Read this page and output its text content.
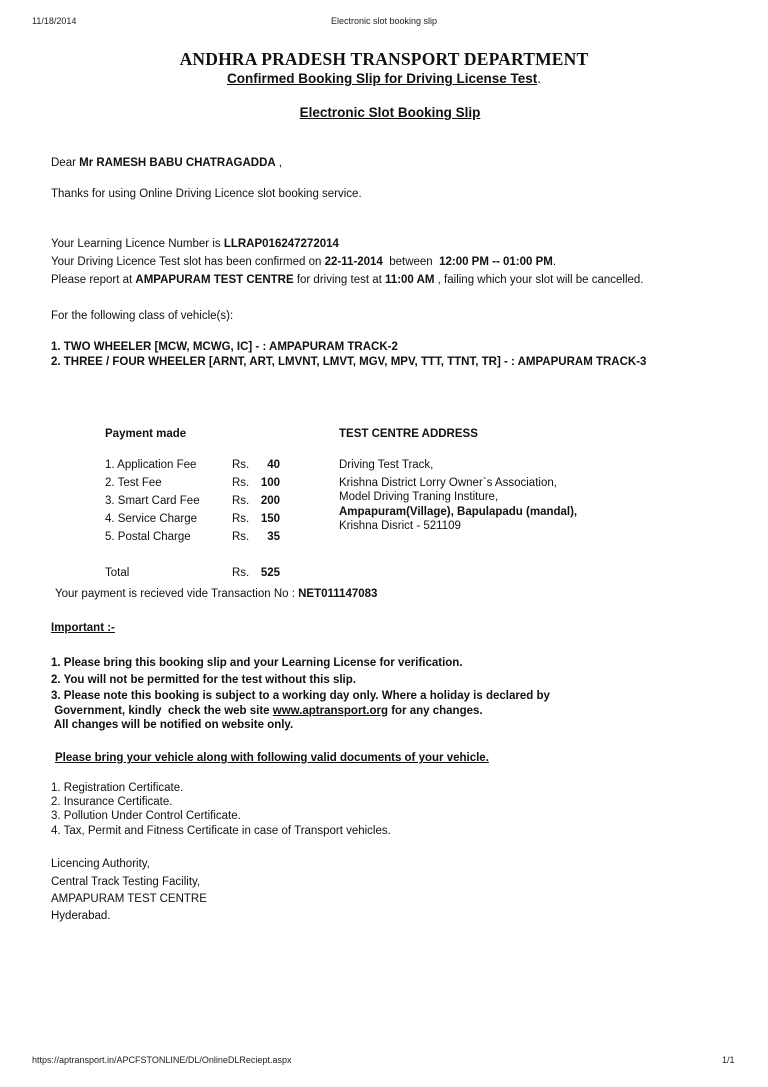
11/18/2014	Electronic slot booking slip
ANDHRA PRADESH TRANSPORT DEPARTMENT
Confirmed Booking Slip for Driving License Test.
Electronic Slot Booking Slip
Dear Mr RAMESH BABU CHATRAGADDA ,
Thanks for using Online Driving Licence slot booking service.
Your Learning Licence Number is LLRAP016247272014
Your Driving Licence Test slot has been confirmed on 22-11-2014  between  12:00 PM -- 01:00 PM.
Please report at AMPAPURAM TEST CENTRE for driving test at 11:00 AM , failing which your slot will be cancelled.
For the following class of vehicle(s):
1. TWO WHEELER [MCW, MCWG, IC] - : AMPAPURAM TRACK-2
2. THREE / FOUR WHEELER [ARNT, ART, LMVNT, LMVT, MGV, MPV, TTT, TTNT, TR] - : AMPAPURAM TRACK-3
Payment made	TEST CENTRE ADDRESS
1. Application Fee	Rs. 40
2. Test Fee	Rs. 100
3. Smart Card Fee	Rs. 200
4. Service Charge	Rs. 150
5. Postal Charge	Rs. 35
Total	Rs. 525
Driving Test Track,
Krishna District Lorry Owner`s Association,
Model Driving Traning Institure,
Ampapuram(Village), Bapulapadu (mandal),
Krishna Disrict - 521109
Your payment is recieved vide Transaction No : NET011147083
Important :-
1. Please bring this booking slip and your Learning License for verification.
2. You will not be permitted for the test without this slip.
3. Please note this booking is subject to a working day only. Where a holiday is declared by
Government, kindly  check the web site www.aptransport.org for any changes.
All changes will be notified on website only.
Please bring your vehicle along with following valid documents of your vehicle.
1. Registration Certificate.
2. Insurance Certificate.
3. Pollution Under Control Certificate.
4. Tax, Permit and Fitness Certificate in case of Transport vehicles.
Licencing Authority,
Central Track Testing Facility,
AMPAPURAM TEST CENTRE
Hyderabad.
https://aptransport.in/APCFSTONLINE/DL/OnlineDLReciept.aspx	1/1
